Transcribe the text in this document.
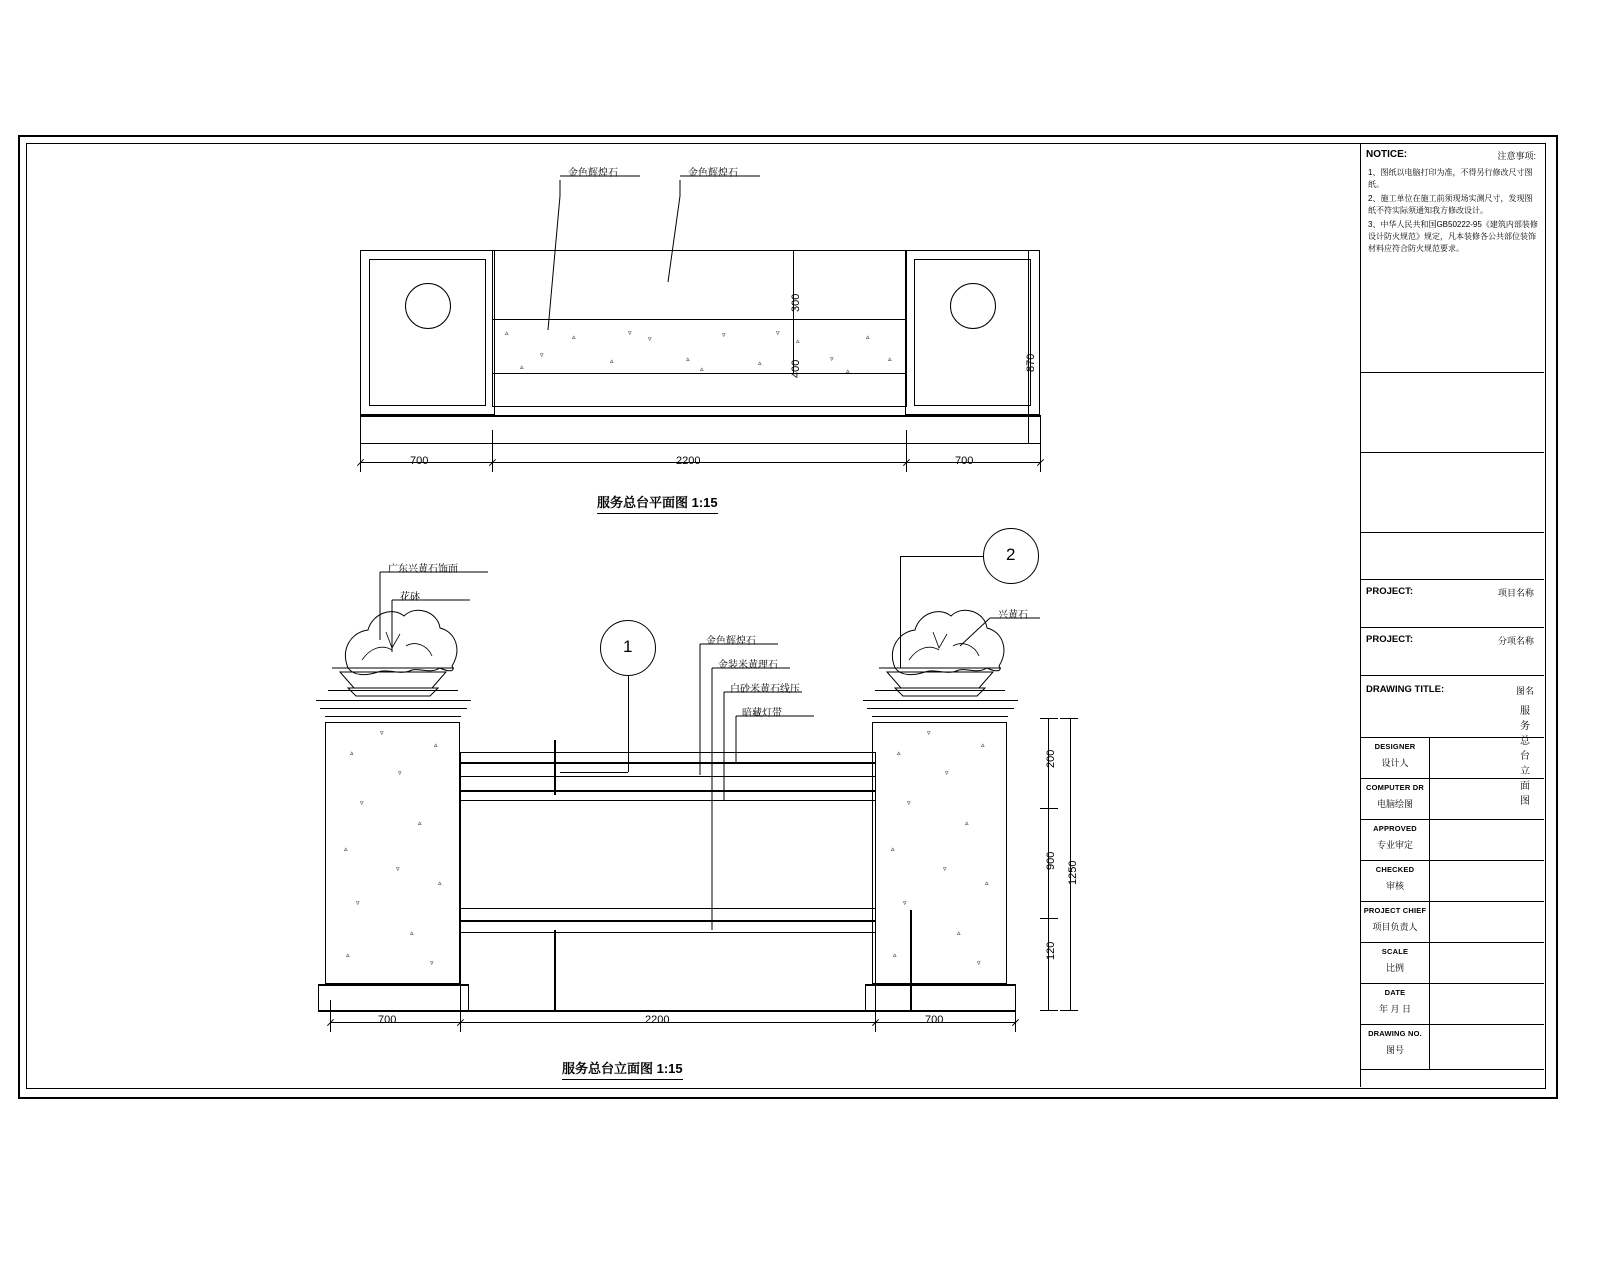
NOTICE:	注意事项:
1、图纸以电脑打印为准，不得另行修改尺寸图纸。
2、施工单位在施工前须现场实测尺寸，发现图纸不符实际须通知我方修改设计。
3、中华人民共和国GB50222-95《建筑内部装修设计防火规范》规定，凡本装修各公共部位装饰材料应符合防火规范要求。
PROJECT:	项目名称
PROJECT:	分项名称
DRAWING TITLE:	图名
服务总台立面图
DESIGNER
设计人
COMPUTER DR
电脑绘图
APPROVED
专业审定
CHECKED
审核
PROJECT CHIEF
项目负责人
SCALE
比例
DATE
年 月 日
DRAWING NO.
图号
▵
▿
▵
▵
▿
▵
▿
▵
▵
▿
▵
▵
▵
▿
▵
▿
▵
金色辉煌石	金色辉煌石
700	2200	700
300
400	870
服务总台平面图 1:15
▵
▿
▵
▿
▵
▵
▿
▵
▿
▵
▵
▿
▿
▵
▿
▵
▿
▵
▵
▿
▵
▿
▵
▵
▿
▿
1
2
广东兴黄石饰面
花砵
金色辉煌石
金装米黄理石
白砂米黄石线压
暗藏灯带
兴黄石
200
900
120
1250
700	2200	700
服务总台立面图 1:15
